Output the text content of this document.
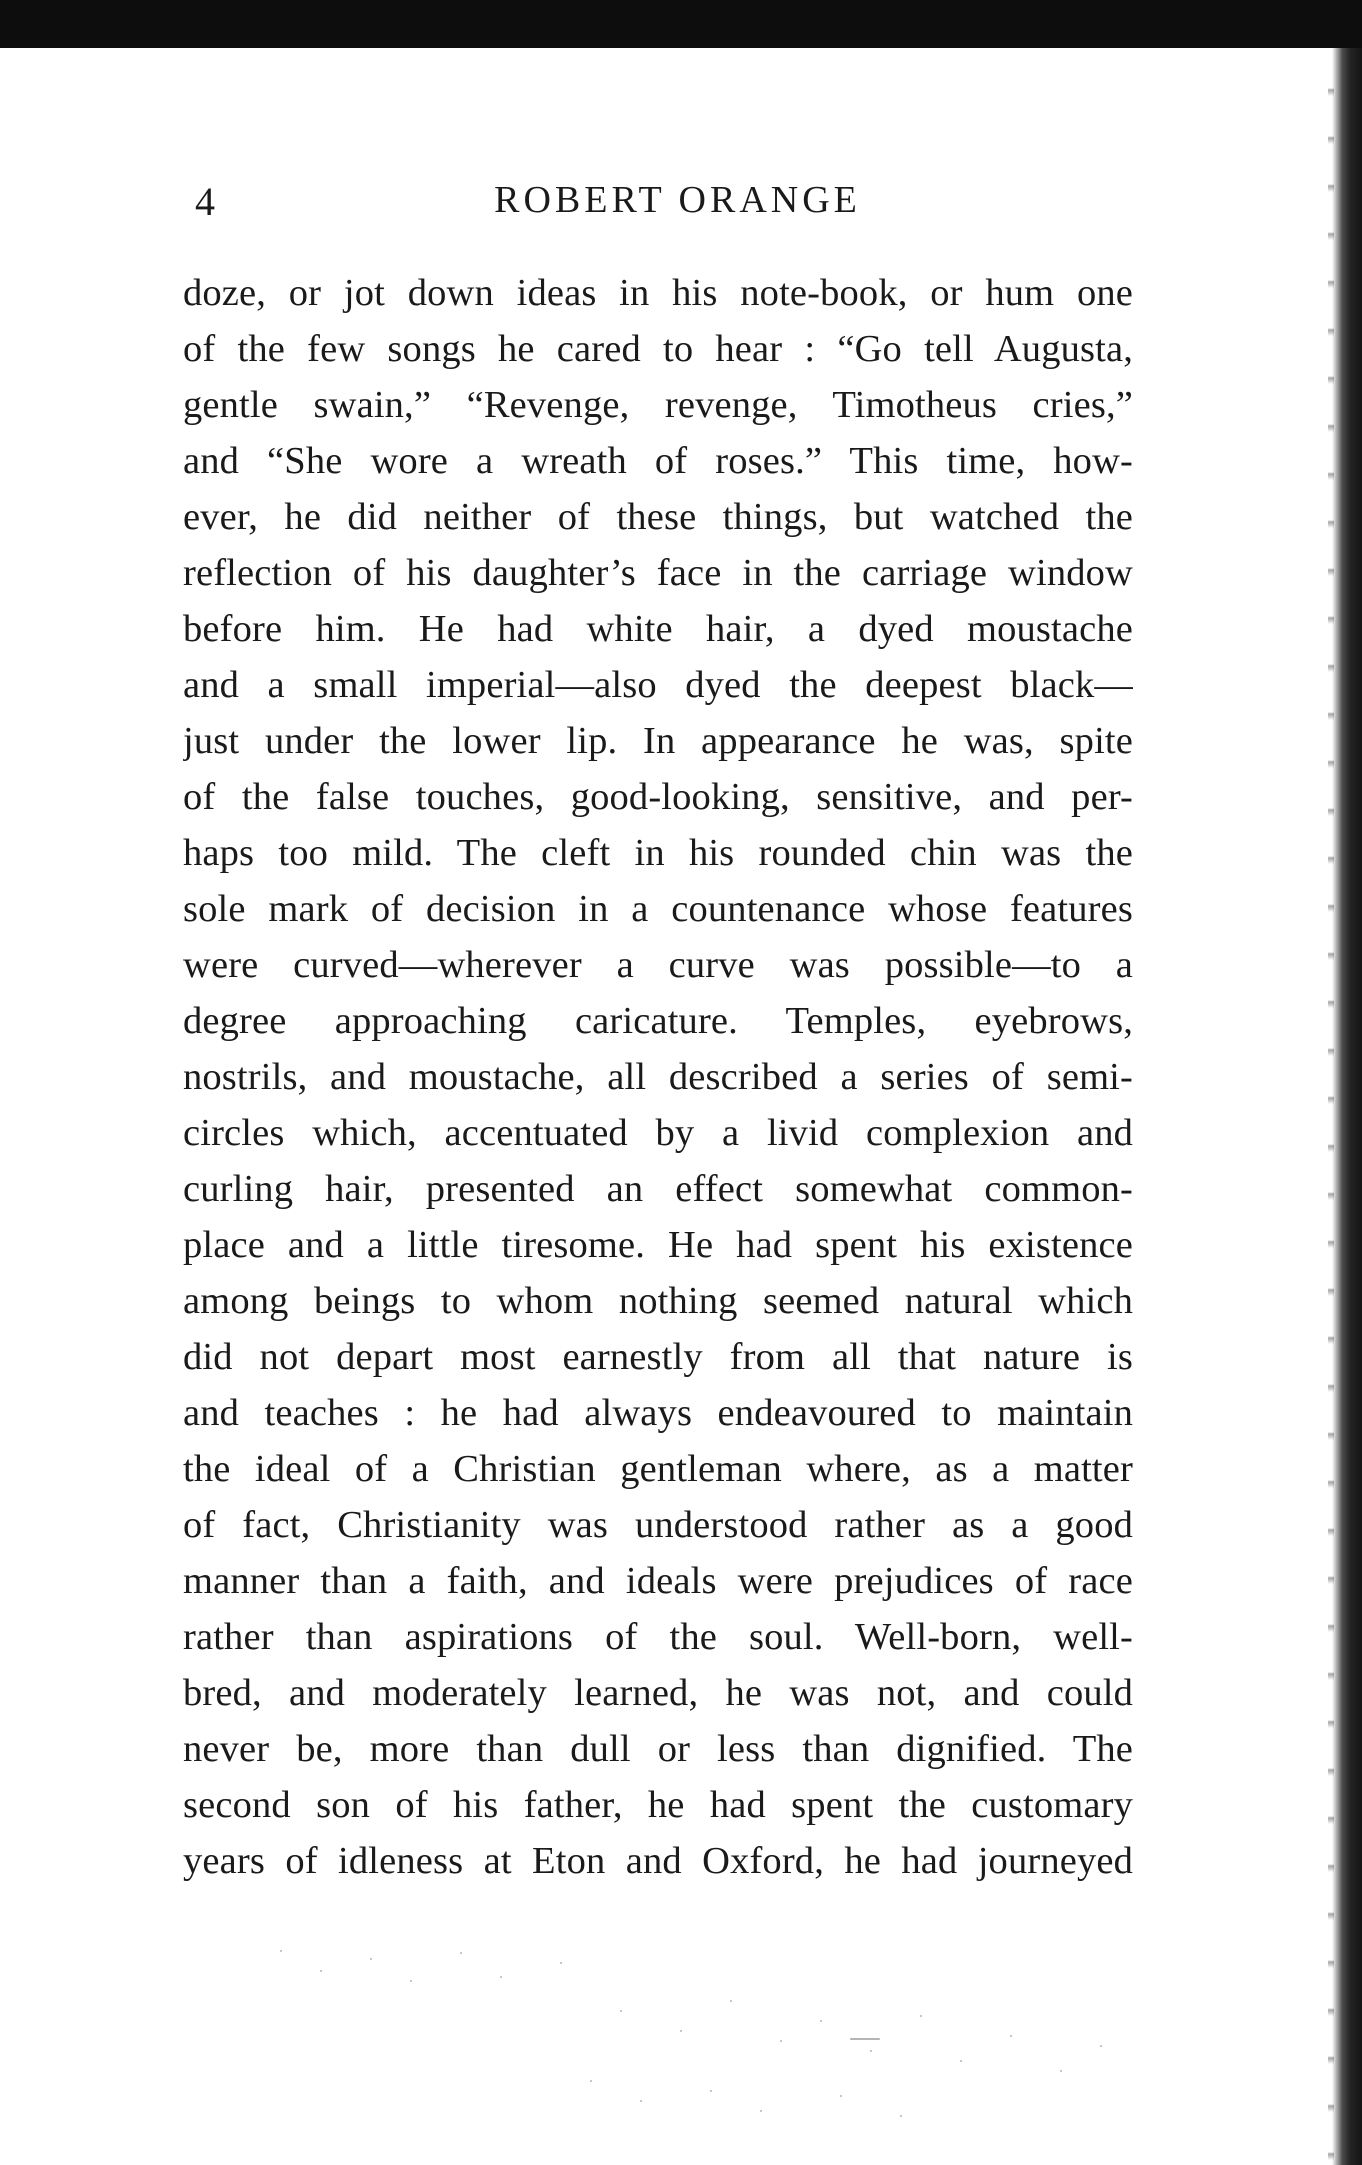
4	ROBERT ORANGE
doze, or jot down ideas in his note-book, or hum one
of the few songs he cared to hear : “Go tell Augusta,
gentle swain,” “Revenge, revenge, Timotheus cries,”
and “She wore a wreath of roses.” This time, how-
ever, he did neither of these things, but watched the
reflection of his daughter’s face in the carriage window
before him. He had white hair, a dyed moustache
and a small imperial—also dyed the deepest black—
just under the lower lip. In appearance he was, spite
of the false touches, good-looking, sensitive, and per-
haps too mild. The cleft in his rounded chin was the
sole mark of decision in a countenance whose features
were curved—wherever a curve was possible—to a
degree approaching caricature. Temples, eyebrows,
nostrils, and moustache, all described a series of semi-
circles which, accentuated by a livid complexion and
curling hair, presented an effect somewhat common-
place and a little tiresome. He had spent his existence
among beings to whom nothing seemed natural which
did not depart most earnestly from all that nature is
and teaches : he had always endeavoured to maintain
the ideal of a Christian gentleman where, as a matter
of fact, Christianity was understood rather as a good
manner than a faith, and ideals were prejudices of race
rather than aspirations of the soul. Well-born, well-
bred, and moderately learned, he was not, and could
never be, more than dull or less than dignified. The
second son of his father, he had spent the customary
years of idleness at Eton and Oxford, he had journeyed
